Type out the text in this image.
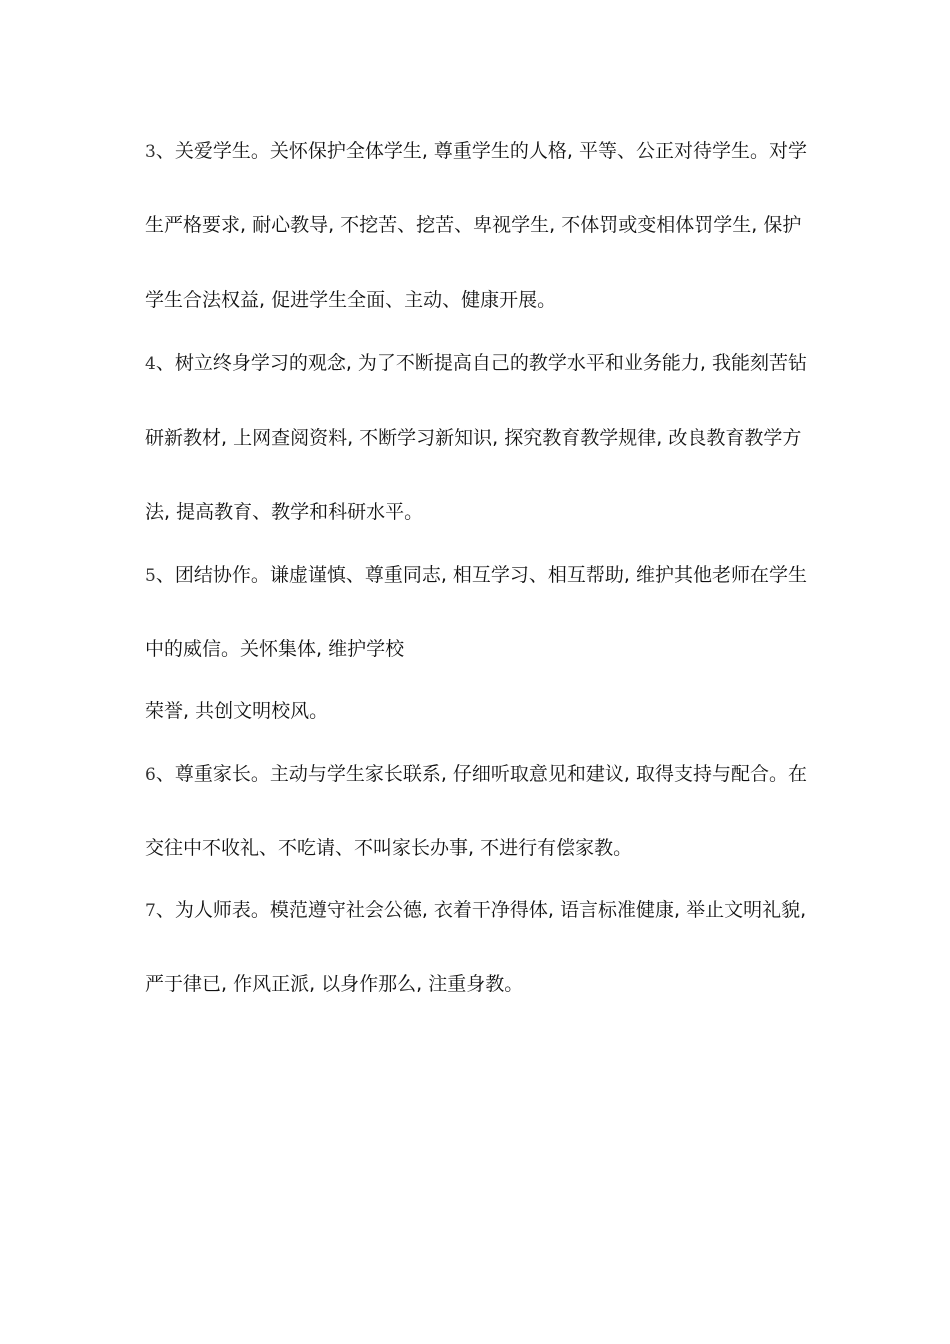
3、关爱学生。关怀保护全体学生, 尊重学生的人格, 平等、公正对待学生。对学
生严格要求, 耐心教导, 不挖苦、挖苦、卑视学生, 不体罚或变相体罚学生, 保护
学生合法权益, 促进学生全面、主动、健康开展。
4、树立终身学习的观念, 为了不断提高自己的教学水平和业务能力, 我能刻苦钻
研新教材, 上网查阅资料, 不断学习新知识, 探究教育教学规律, 改良教育教学方
法, 提高教育、教学和科研水平。
5、团结协作。谦虚谨慎、尊重同志, 相互学习、相互帮助, 维护其他老师在学生
中的威信。关怀集体, 维护学校
荣誉, 共创文明校风。
6、尊重家长。主动与学生家长联系, 仔细听取意见和建议, 取得支持与配合。在
交往中不收礼、不吃请、不叫家长办事, 不进行有偿家教。
7、为人师表。模范遵守社会公德, 衣着干净得体, 语言标准健康, 举止文明礼貌,
严于律已, 作风正派, 以身作那么, 注重身教。
